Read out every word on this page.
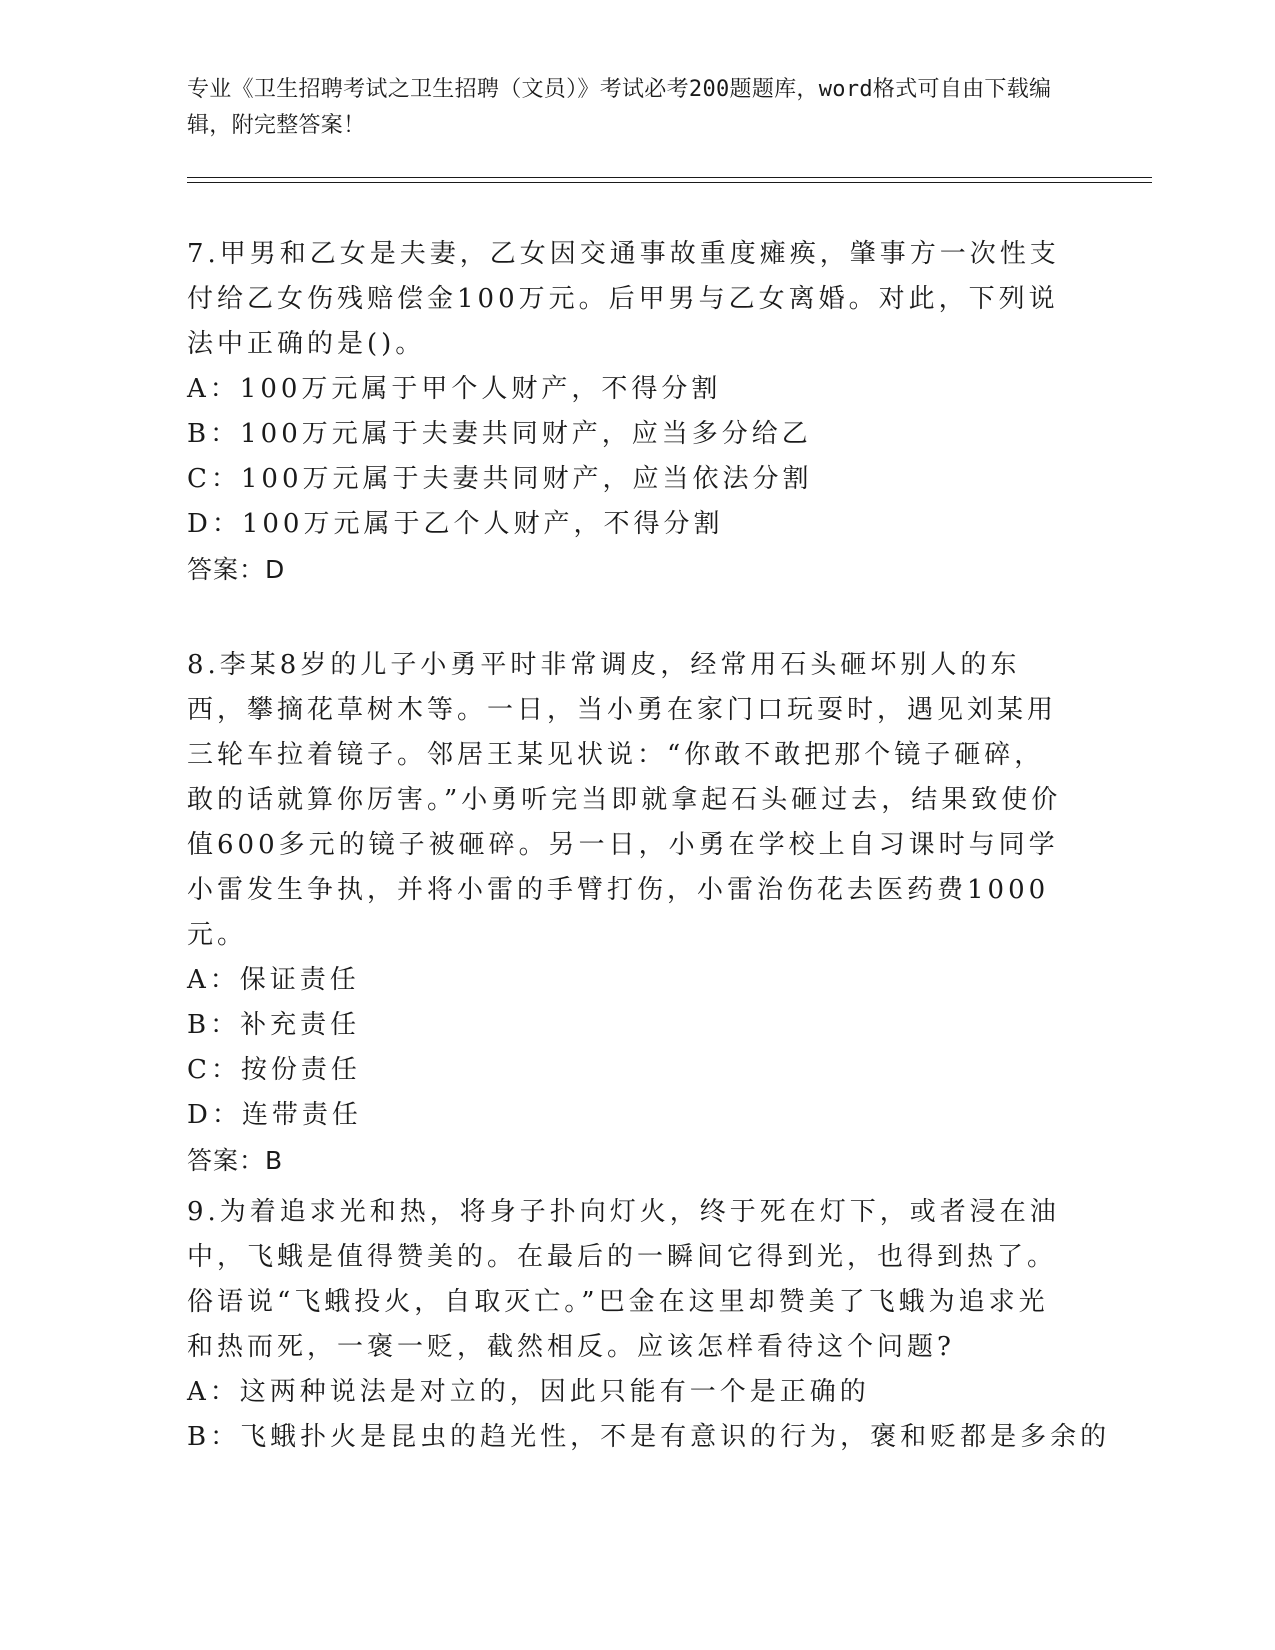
专业《卫生招聘考试之卫生招聘（文员）》考试必考200题题库，word格式可自由下载编辑，附完整答案！

7.甲男和乙女是夫妻，乙女因交通事故重度瘫痪，肇事方一次性支付给乙女伤残赔偿金100万元。后甲男与乙女离婚。对此，下列说法中正确的是()。

A：100万元属于甲个人财产，不得分割

B：100万元属于夫妻共同财产，应当多分给乙

C：100万元属于夫妻共同财产，应当依法分割

D：100万元属于乙个人财产，不得分割

答案：D

8.李某8岁的儿子小勇平时非常调皮，经常用石头砸坏别人的东西，攀摘花草树木等。一日，当小勇在家门口玩耍时，遇见刘某用三轮车拉着镜子。邻居王某见状说：“你敢不敢把那个镜子砸碎，敢的话就算你厉害。”小勇听完当即就拿起石头砸过去，结果致使价值600多元的镜子被砸碎。另一日，小勇在学校上自习课时与同学小雷发生争执，并将小雷的手臂打伤，小雷治伤花去医药费1000元。

A：保证责任

B：补充责任

C：按份责任

D：连带责任

答案：B

9.为着追求光和热，将身子扑向灯火，终于死在灯下，或者浸在油中，飞蛾是值得赞美的。在最后的一瞬间它得到光，也得到热了。俗语说“飞蛾投火，自取灭亡。”巴金在这里却赞美了飞蛾为追求光和热而死，一褒一贬，截然相反。应该怎样看待这个问题?

A：这两种说法是对立的，因此只能有一个是正确的

B：飞蛾扑火是昆虫的趋光性，不是有意识的行为，褒和贬都是多余的
